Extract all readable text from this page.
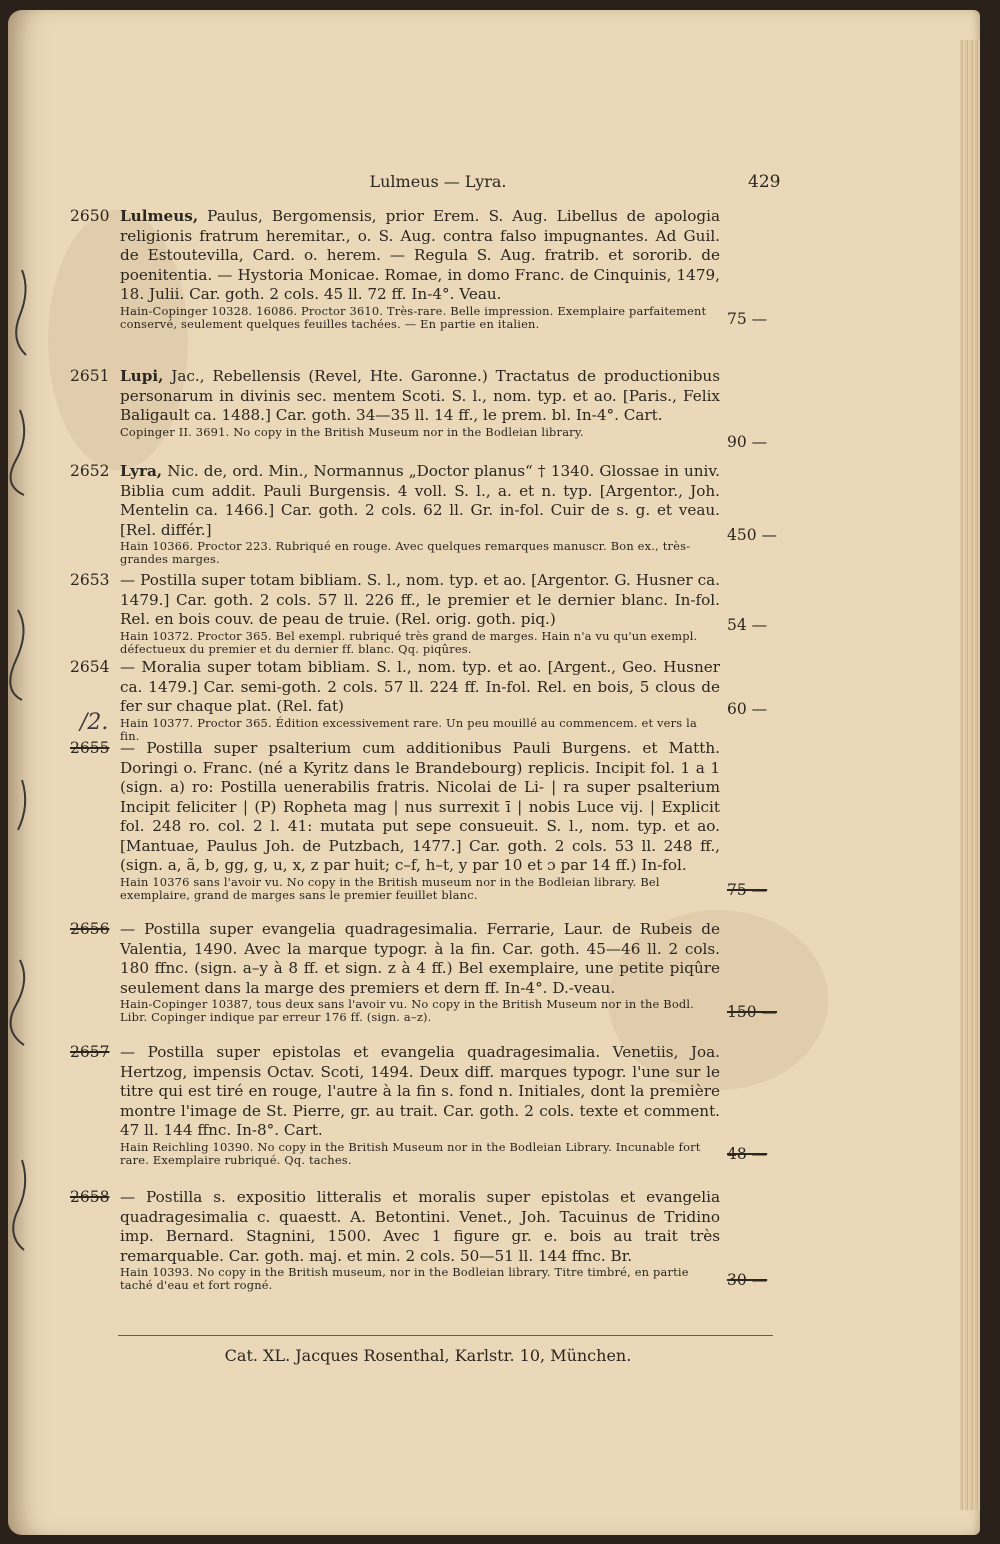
Lulmeus — Lyra.	429
2650 Lulmeus, Paulus, Bergomensis, prior Erem. S. Aug. Libellus de apologia religionis fratrum heremitar., o. S. Aug. contra falso impugnantes. Ad Guil. de Estoutevilla, Card. o. herem. — Regula S. Aug. fratrib. et sororib. de poenitentia. — Hystoria Monicae. Romae, in domo Franc. de Cinquinis, 1479, 18. Julii. Car. goth. 2 cols. 45 ll. 72 ff. In-4°. Veau.
Hain-Copinger 10328. 16086. Proctor 3610. Très-rare. Belle impression. Exemplaire parfaitement conservé, seulement quelques feuilles tachées. — En partie en italien.	75 —
2651 Lupi, Jac., Rebellensis (Revel, Hte. Garonne.) Tractatus de productionibus personarum in divinis sec. mentem Scoti. S. l., nom. typ. et ao. [Paris., Felix Baligault ca. 1488.] Car. goth. 34—35 ll. 14 ff., le prem. bl. In-4°. Cart.
Copinger II. 3691. No copy in the British Museum nor in the Bodleian library.
90 —
2652 Lyra, Nic. de, ord. Min., Normannus „Doctor planus“ † 1340. Glossae in univ. Biblia cum addit. Pauli Burgensis. 4 voll. S. l., a. et n. typ. [Argentor., Joh. Mentelin ca. 1466.] Car. goth. 2 cols. 62 ll. Gr. in-fol. Cuir de s. g. et veau. [Rel. différ.]
Hain 10366. Proctor 223. Rubriqué en rouge. Avec quelques remarques manuscr. Bon ex., très-grandes marges.
450 —
2653 — Postilla super totam bibliam. S. l., nom. typ. et ao. [Argentor. G. Husner ca. 1479.] Car. goth. 2 cols. 57 ll. 226 ff., le premier et le dernier blanc. In-fol. Rel. en bois couv. de peau de truie. (Rel. orig. goth. piq.)
Hain 10372. Proctor 365. Bel exempl. rubriqué très grand de marges. Hain n'a vu qu'un exempl. défectueux du premier et du dernier ff. blanc. Qq. piqûres.
54 —
2654 — Moralia super totam bibliam. S. l., nom. typ. et ao. [Argent., Geo. Husner ca. 1479.] Car. semi-goth. 2 cols. 57 ll. 224 ff. In-fol. Rel. en bois, 5 clous de fer sur chaque plat. (Rel. fat)
Hain 10377. Proctor 365. Édition excessivement rare. Un peu mouillé au commencem. et vers la fin.
60 —
2655 — Postilla super psalterium cum additionibus Pauli Burgens. et Matth. Doringi o. Franc. (né a Kyritz dans le Brandebourg) replicis. Incipit fol. 1 a 1 (sign. a) ro: Postilla uenerabilis fratris. Nicolai de Li- | ra super psalterium Incipit feliciter | (P) Ropheta mag | nus surrexit ī | nobis Luce vij. | Explicit fol. 248 ro. col. 2 l. 41: mutata put sepe consueuit. S. l., nom. typ. et ao. [Mantuae, Paulus Joh. de Putzbach, 1477.] Car. goth. 2 cols. 53 ll. 248 ff., (sign. a, ã, b, gg, g, u, x, z par huit; c–f, h–t, y par 10 et ɔ par 14 ff.) In-fol.
Hain 10376 sans l'avoir vu. No copy in the British museum nor in the Bodleian library. Bel exemplaire, grand de marges sans le premier feuillet blanc.	75 —
2656 — Postilla super evangelia quadragesimalia. Ferrarie, Laur. de Rubeis de Valentia, 1490. Avec la marque typogr. à la fin. Car. goth. 45—46 ll. 2 cols. 180 ffnc. (sign. a–y à 8 ff. et sign. z à 4 ff.) Bel exemplaire, une petite piqûre seulement dans la marge des premiers et dern ff. In-4°. D.-veau.
Hain-Copinger 10387, tous deux sans l'avoir vu. No copy in the British Museum nor in the Bodl. Libr. Copinger indique par erreur 176 ff. (sign. a–z).	150 —
2657 — Postilla super epistolas et evangelia quadragesimalia. Venetiis, Joa. Hertzog, impensis Octav. Scoti, 1494. Deux diff. marques typogr. l'une sur le titre qui est tiré en rouge, l'autre à la fin s. fond n. Initiales, dont la première montre l'image de St. Pierre, gr. au trait. Car. goth. 2 cols. texte et comment. 47 ll. 144 ffnc. In-8°. Cart.
Hain Reichling 10390. No copy in the British Museum nor in the Bodleian Library. Incunable fort rare. Exemplaire rubriqué. Qq. taches.	48 —
2658 — Postilla s. expositio litteralis et moralis super epistolas et evangelia quadragesimalia c. quaestt. A. Betontini. Venet., Joh. Tacuinus de Tridino imp. Bernard. Stagnini, 1500. Avec 1 figure gr. e. bois au trait très remarquable. Car. goth. maj. et min. 2 cols. 50—51 ll. 144 ffnc. Br.
Hain 10393. No copy in the British museum, nor in the Bodleian library. Titre timbré, en partie taché d'eau et fort rogné.	30 —
Cat. XL. Jacques Rosenthal, Karlstr. 10, München.
/2.
